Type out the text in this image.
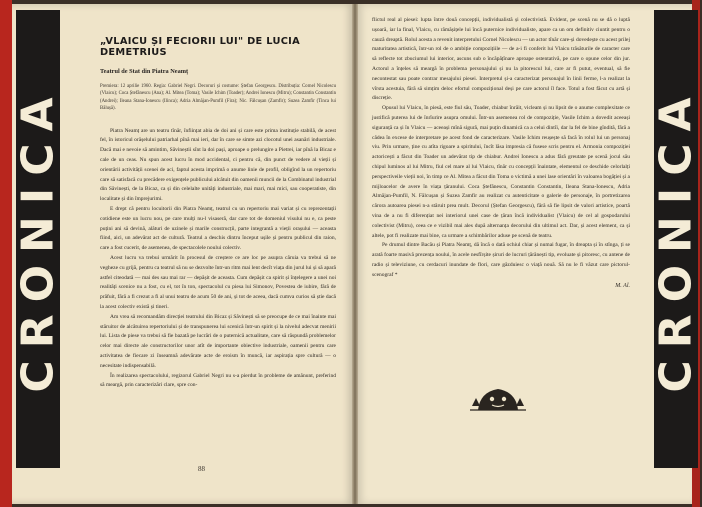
CRONICA
„VLAICU ȘI FECIORII LUI" DE LUCIA DEMETRIUS
Teatrul de Stat din Piatra Neamț
Premiera: 12 aprilie 1960. Regia: Gabriel Negri. Decoruri și costume: Ștefan Georgescu. Distribuția: Cornel Nicolescu (Vlaicu); Coca Ștefănescu (Ana); Al. Mitea (Toma); Vasile Ichim (Toader); Andrei Ionescu (Mitru); Constantin Constantin (Andrei); Ileana Stana-Ionescu (Ilinca); Adria Almăjan-Pumfil (Fira); Nic. Fălcușan (Zamfir); Suzea Zamfir (Tinca lui Bălușă).

Piatra Neamț are un teatru tînăr, înființat abia de doi ani și care este prima instituție stabilă, de acest fel, în istoricul orășelului patriarhal pînă mai ieri, dar în care se simte azi clocotul unei asanări industriale. Dacă mai e nevoie să amintim, Săvineștii sînt la doi pași, aproape o prelungire a Pietrei, iar pînă la Bicaz e cale de un ceas. Nu spun acest lucru în mod accidental, ci pentru că, din punct de vedere al vieții și orientării activității scenei de aci, faptul acesta imprimă o anume linie de profil, obligînd la un repertoriu care să satisfacă cu precădere exigențele publicului alcătuit din oamenii muncii de la Combinatul industrial din Săvinești, de la Bicaz, ca și din celelalte unități industriale, mai mari, mai mici, sau cooperatiste, din localitate și din împrejurimi.

E drept că pentru locuitorii din Piatra Neamț, teatrul cu un repertoriu mai variat și cu reprezentații cotidiene este un lucru nou, pe care mulți nu-l visaseră, dar care tot de domeniul visului nu e, ca peste puțini ani să devină, alături de uzinele și marile construcții, parte integrantă a vieții orașului — aceasta fiind, aici, un adevărat act de cultură. Teatrul a deschis dintru început ușile și pentru publicul din raion, care a fost cucerit, de asemenea, de spectacolele noului colectiv.

Acest lucru va trebui urmărit în procesul de creștere ce are loc pe asupra căruia va trebui să ne vegheze cu grijă, pentru ca teatrul să nu se dezvolte într-un ritm mai lent decît viața din jurul lui și să apară astfel citeodată — mai des sau mai rar — depășit de aceasta. Cum depășit ca spirit și înțelegere a unei noi realități scenice nu a fost, cu el, tot în ton, spectacolul cu piesa lui Simonov, Povestea de iubire, fără de prăfuit, fără a fi crezut a fi al unui teatru de acum 50 de ani, și tot de aceea, dacă cumva curios să știe dacă la acest colectiv există și tineri.

Am vrea să recomandăm direcției teatrului din Bicaz și Săvinești să se preocupe de ce mai înainte mai stăruitor de alcătuirea repertoriului și de transpunerea lui scenică într-un spirit și la nivelul adecvat menirii lui. Lista de piese va trebui să fie bazată pe lucrări de o puternică actualitate, care să răspundă problemelor celor mai directe ale constructorilor unor atît de importante obiective industriale, oamenii pentru care activitatea de fiecare zi înseamnă adevărate acte de eroism în muncă, iar aspirația spre cultură — o necesitate indispensabilă.

În realizarea spectacolului, regizorul Gabriel Negri nu s-a pierdut în probleme de amănunt, preferind să meargă, prin caracterizări clare, spre con-

88

flictul real al piesei: lupta între două concepții, individualistă și colectivistă. Evident, pe scenă nu se dă o luptă ușoară, iar la final, Vlaicu, cu rămășițele lui încă puternice individualiste, apare ca un om definitiv ciuntit pentru o cauză dreaptă. Rolul acesta a revenit interpretului Cornel Nicolescu — un actor tînăr care-și dovedește cu acest prilej maturitatea artistică, într-un rol de o ambiție compozițiile — de a-i fi conferit lui Vlaicu trăsăturile de caracter care să reflecte tot zbuciumul lui interior, ascuns sub o încăpățînare aproape ostentativă, pe care o opune celor din jur. Actorul a înțeles să meargă în problema personajului și nu la pitorescul lui, care ar fi putut, eventual, să fie necontestat sau poate contrar mesajului piesei. Interpretul și-a caracterizat personajul în linii ferme, l-a realizat la vîrsta acestuia, fără să simțim deloc efortul compozițional deși pe care actorul îl face. Totul a fost făcut cu artă și discreție.

Opusul lui Vlaicu, în piesă, este fiul său, Toader, chiabur înrăit, vicleam și nu lipsit de o anume complexitate ce justifică puterea lui de înrîurire asupra omului. Într-un asemenea rol de compoziție, Vasile Ichim a dovedit aceeași siguranță ca și în Vlaicu — aceeași mînă sigură, mai puțin dinamică ca a celui dintîi, dar la fel de bine gîndită, fără a cădea în excese de interpretare pe acest fond de caracterizare. Vasile Ichim reușește să facă în rolul lui un personaj viu. Prin urmare, ține cu atîta rigoare a spiritului, încît lăsa impresia că fusese scris pentru el. Armonia compoziției actoricești a făcut din Toader un adevărat tip de chiabur. Andrei Ionescu a adus fără greutate pe scenă jocul său chipul luminos al lui Mitru, fiul cel mare al lui Vlaicu, tînăr cu concepții înaintate, elementul ce deschide celorlalți perspectiveile vieții noi, în timp ce Al. Mitea a făcut din Toma o victimă a unei lase orientări în valoarea bogăției și a mijloacelor de avere în viața țăranului. Coca Ștefănescu, Constantin Constantin, Ileana Stana-Ionescu, Adria Almăjan-Pumfil, N. Fălcușan și Suzea Zamfir au realizat cu autenticitate o galerie de personaje, în portretizarea cărora autoarea piesei n-a stăruit prea mult. Decorul (Ștefan Georgescu), fără să fie lipsit de valori artistice, poartă vina de a nu fi diferențiat nei interiorul unei case de țăran încă individualist (Vlaicu) de cel al gospodarului colectivist (Mitru), ceea ce e vizibil mai ales după alternanța decorului din ultimul act. Dar, și acest element, ca și altele, pot fi realizate mai bine, ca urmare a schimbărilor aduse pe scenă de teatru.

Pe drumul dintre Bacău și Piatra Neamț, dă încă o dată ochiul chiar și numai fugar, în dreapta și în stînga, ți se arată foarte masivă prezența noului, în acele nesfîrșite șiruri de lucruri țărănești tip, evoluate și pitoresc, cu antene de radio și televiziune, cu cerdacuri inundate de flori, care găzduiesc o viață nouă. Să nu le fi văzut care pictorul-scenograf *

M. Al. CRONICA
